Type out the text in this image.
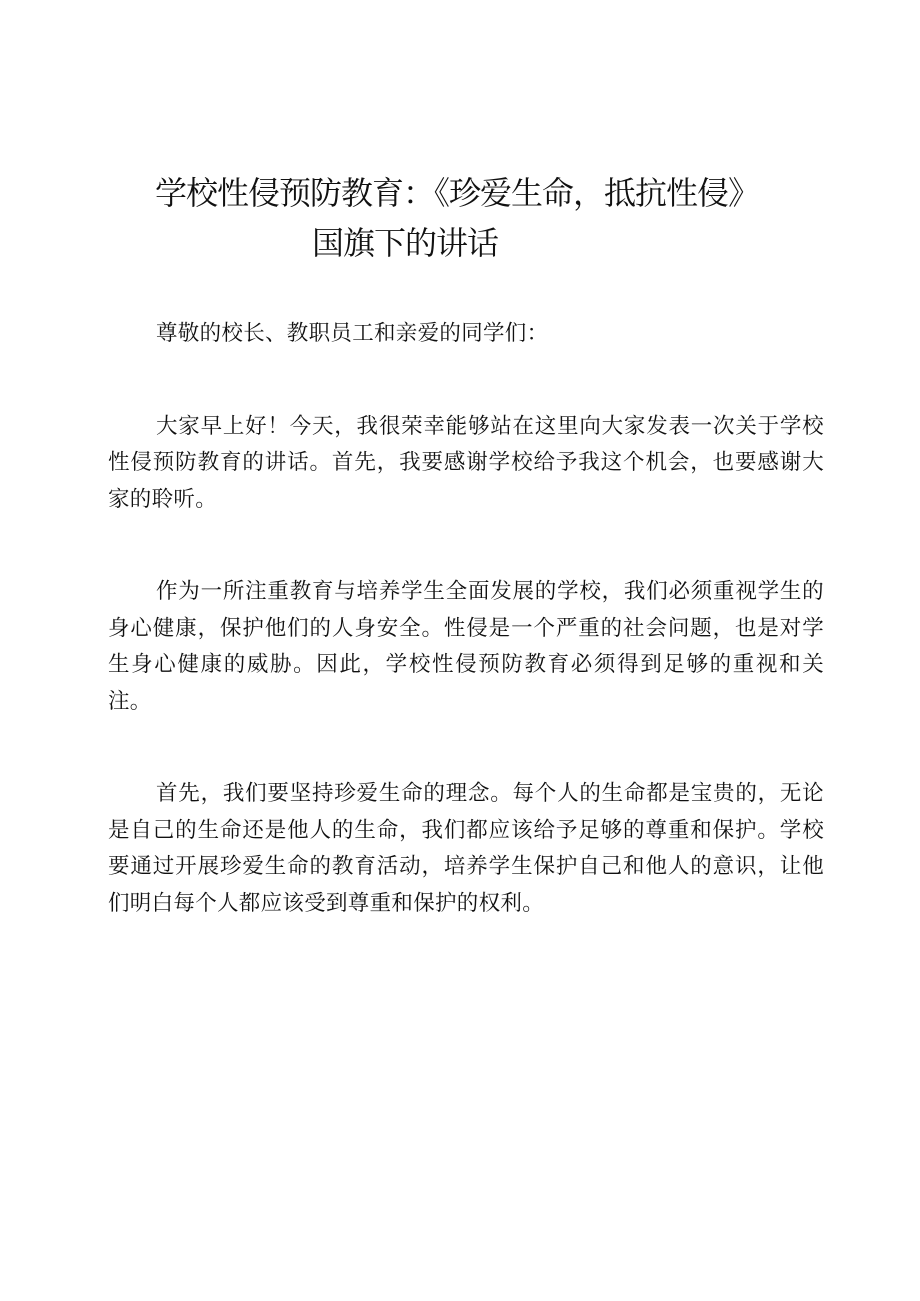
学校性侵预防教育：《珍爱生命，抵抗性侵》
国旗下的讲话

尊敬的校长、教职员工和亲爱的同学们：

大家早上好！今天，我很荣幸能够站在这里向大家发表一次关于学校性侵预防教育的讲话。首先，我要感谢学校给予我这个机会，也要感谢大家的聆听。

作为一所注重教育与培养学生全面发展的学校，我们必须重视学生的身心健康，保护他们的人身安全。性侵是一个严重的社会问题，也是对学生身心健康的威胁。因此，学校性侵预防教育必须得到足够的重视和关注。

首先，我们要坚持珍爱生命的理念。每个人的生命都是宝贵的，无论是自己的生命还是他人的生命，我们都应该给予足够的尊重和保护。学校要通过开展珍爱生命的教育活动，培养学生保护自己和他人的意识，让他们明白每个人都应该受到尊重和保护的权利。
